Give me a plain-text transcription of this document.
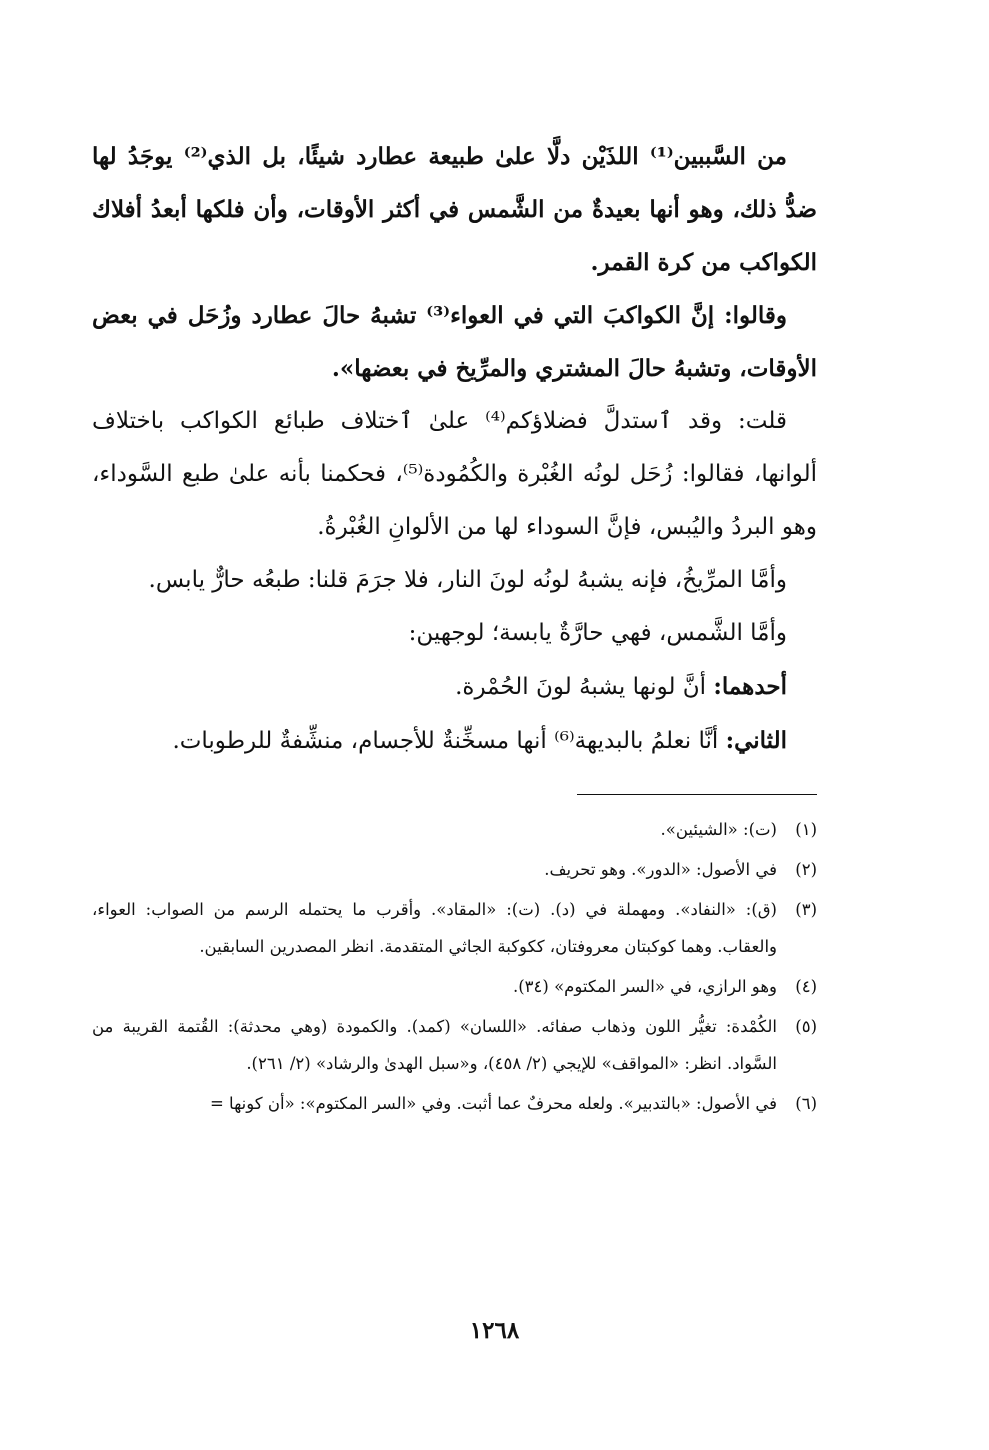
من السَّببين⁽¹⁾ اللذَيْن دلَّا علىٰ طبيعة عطارد شيئًا، بل الذي⁽²⁾ يوجَدُ لها ضدُّ ذلك، وهو أنها بعيدةٌ من الشَّمس في أكثر الأوقات، وأن فلكها أبعدُ أفلاك الكواكب من كرة القمر.

وقالوا: إنَّ الكواكبَ التي في العواء⁽³⁾ تشبهُ حالَ عطارد وزُحَل في بعض الأوقات، وتشبهُ حالَ المشتري والمرِّيخ في بعضها».

قلت: وقد ٱستدلَّ فضلاؤكم⁽⁴⁾ علىٰ ٱختلاف طبائع الكواكب باختلاف ألوانها، فقالوا: زُحَل لونُه الغُبْرة والكُمُودة⁽⁵⁾، فحكمنا بأنه علىٰ طبع السَّوداء، وهو البردُ واليُبس، فإنَّ السوداء لها من الألوانِ الغُبْرةُ.

وأمَّا المرِّيخُ، فإنه يشبهُ لونُه لونَ النار، فلا جرَمَ قلنا: طبعُه حارٌّ يابس.

وأمَّا الشَّمس، فهي حارَّةٌ يابسة؛ لوجهين:

أحدهما: أنَّ لونها يشبهُ لونَ الحُمْرة.

الثاني: أنَّا نعلمُ بالبديهة⁽⁶⁾ أنها مسخِّنةٌ للأجسام، منشِّفةٌ للرطوبات.

(١)
(ت): «الشيئين».
(٢)
في الأصول: «الدور». وهو تحريف.
(٣)
(ق): «النفاد». ومهملة في (د). (ت): «المقاد». وأقرب ما يحتمله الرسم من الصواب: العواء، والعقاب. وهما كوكبتان معروفتان، ككوكبة الجاثي المتقدمة. انظر المصدرين السابقين.
(٤)
وهو الرازي، في «السر المكتوم» (٣٤).
(٥)
الكُمْدة: تغيُّر اللون وذهاب صفائه. «اللسان» (كمد). والكمودة (وهي محدثة): القُتمة القريبة من السَّواد. انظر: «المواقف» للإيجي (٢/ ٤٥٨)، و«سبل الهدىٰ والرشاد» (٢/ ٢٦١).
(٦)
في الأصول: «بالتدبير». ولعله محرفٌ عما أثبت. وفي «السر المكتوم»: «أن كونها =
١٢٦٨
